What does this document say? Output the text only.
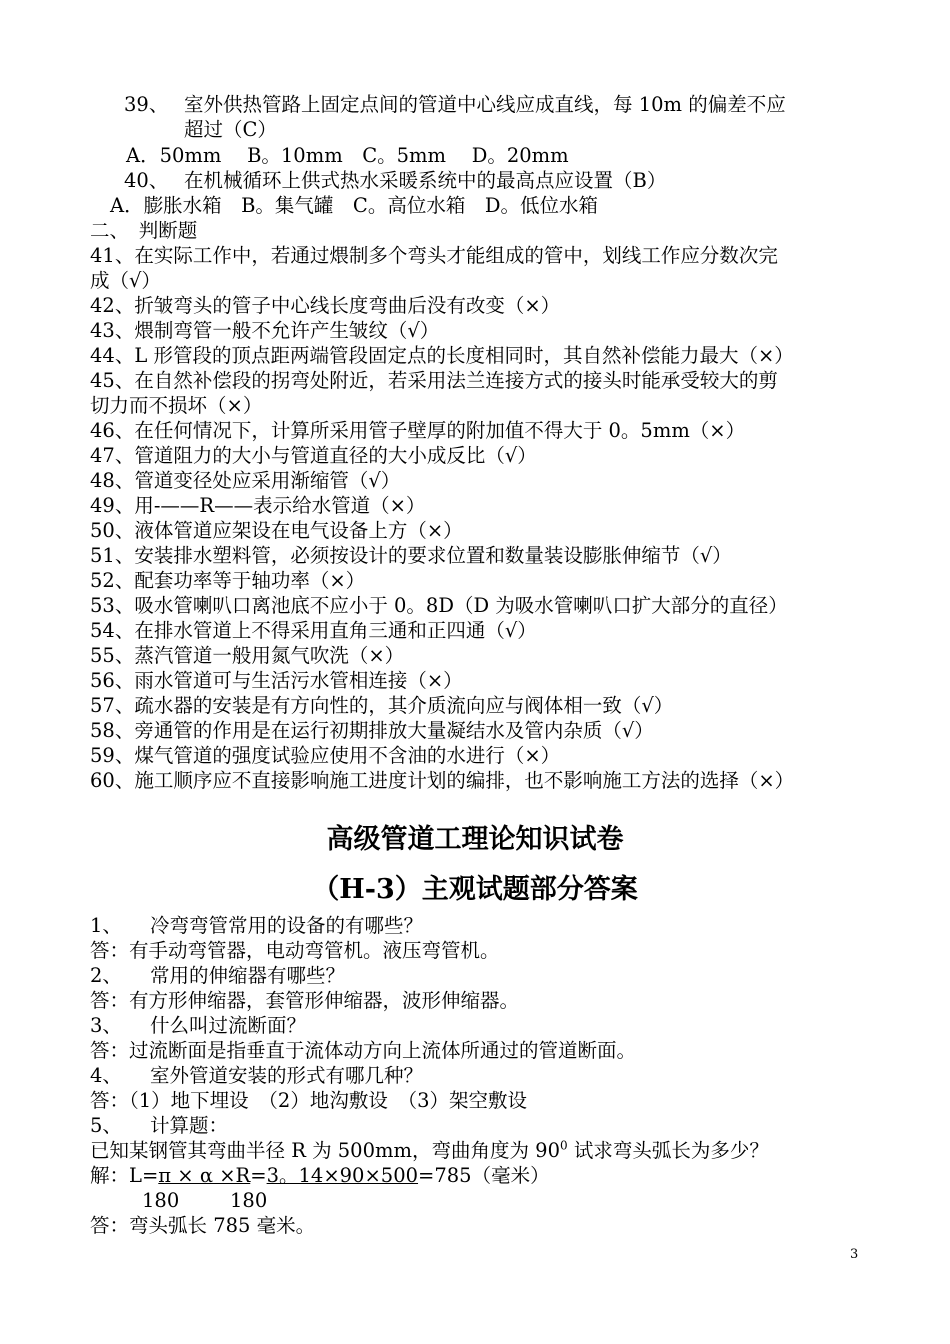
39、 室外供热管路上固定点间的管道中心线应成直线，每 10m 的偏差不应
超过（C）
A．50mm　 B。10mm　C。5mm　 D。20mm
40、 在机械循环上供式热水采暖系统中的最高点应设置（B）
A．膨胀水箱　B。集气罐　C。高位水箱　D。低位水箱
二、　判断题
41、在实际工作中，若通过煨制多个弯头才能组成的管中，划线工作应分数次完
成（√）
42、折皱弯头的管子中心线长度弯曲后没有改变（×）
43、煨制弯管一般不允许产生皱纹（√）
44、L 形管段的顶点距两端管段固定点的长度相同时，其自然补偿能力最大（×）
45、在自然补偿段的拐弯处附近，若采用法兰连接方式的接头时能承受较大的剪
切力而不损坏（×）
46、在任何情况下，计算所采用管子壁厚的附加值不得大于 0。5mm（×）
47、管道阻力的大小与管道直径的大小成反比（√）
48、管道变径处应采用渐缩管（√）
49、用-——R——表示给水管道（×）
50、液体管道应架设在电气设备上方（×）
51、安装排水塑料管，必须按设计的要求位置和数量装设膨胀伸缩节（√）
52、配套功率等于轴功率（×）
53、吸水管喇叭口离池底不应小于 0。8D（D 为吸水管喇叭口扩大部分的直径）
54、在排水管道上不得采用直角三通和正四通（√）
55、蒸汽管道一般用氮气吹洗（×）
56、雨水管道可与生活污水管相连接（×）
57、疏水器的安装是有方向性的，其介质流向应与阀体相一致（√）
58、旁通管的作用是在运行初期排放大量凝结水及管内杂质（√）
59、煤气管道的强度试验应使用不含油的水进行（×）
60、施工顺序应不直接影响施工进度计划的编排，也不影响施工方法的选择（×）
高级管道工理论知识试卷
（H-3）主观试题部分答案
1、 冷弯弯管常用的设备的有哪些？
答：有手动弯管器，电动弯管机。液压弯管机。
2、 常用的伸缩器有哪些？
答：有方形伸缩器，套管形伸缩器，波形伸缩器。
3、 什么叫过流断面？
答：过流断面是指垂直于流体动方向上流体所通过的管道断面。
4、 室外管道安装的形式有哪几种？
答：（1）地下埋设　（2）地沟敷设　（3）架空敷设
5、 计算题：
已知某钢管其弯曲半径 R 为 500mm，弯曲角度为 $90^0$ 试求弯头弧长为多少？
解：L=π × α ×R=3。14×90×500=785（毫米）
180	180
答：弯头弧长 785 毫米。
3
